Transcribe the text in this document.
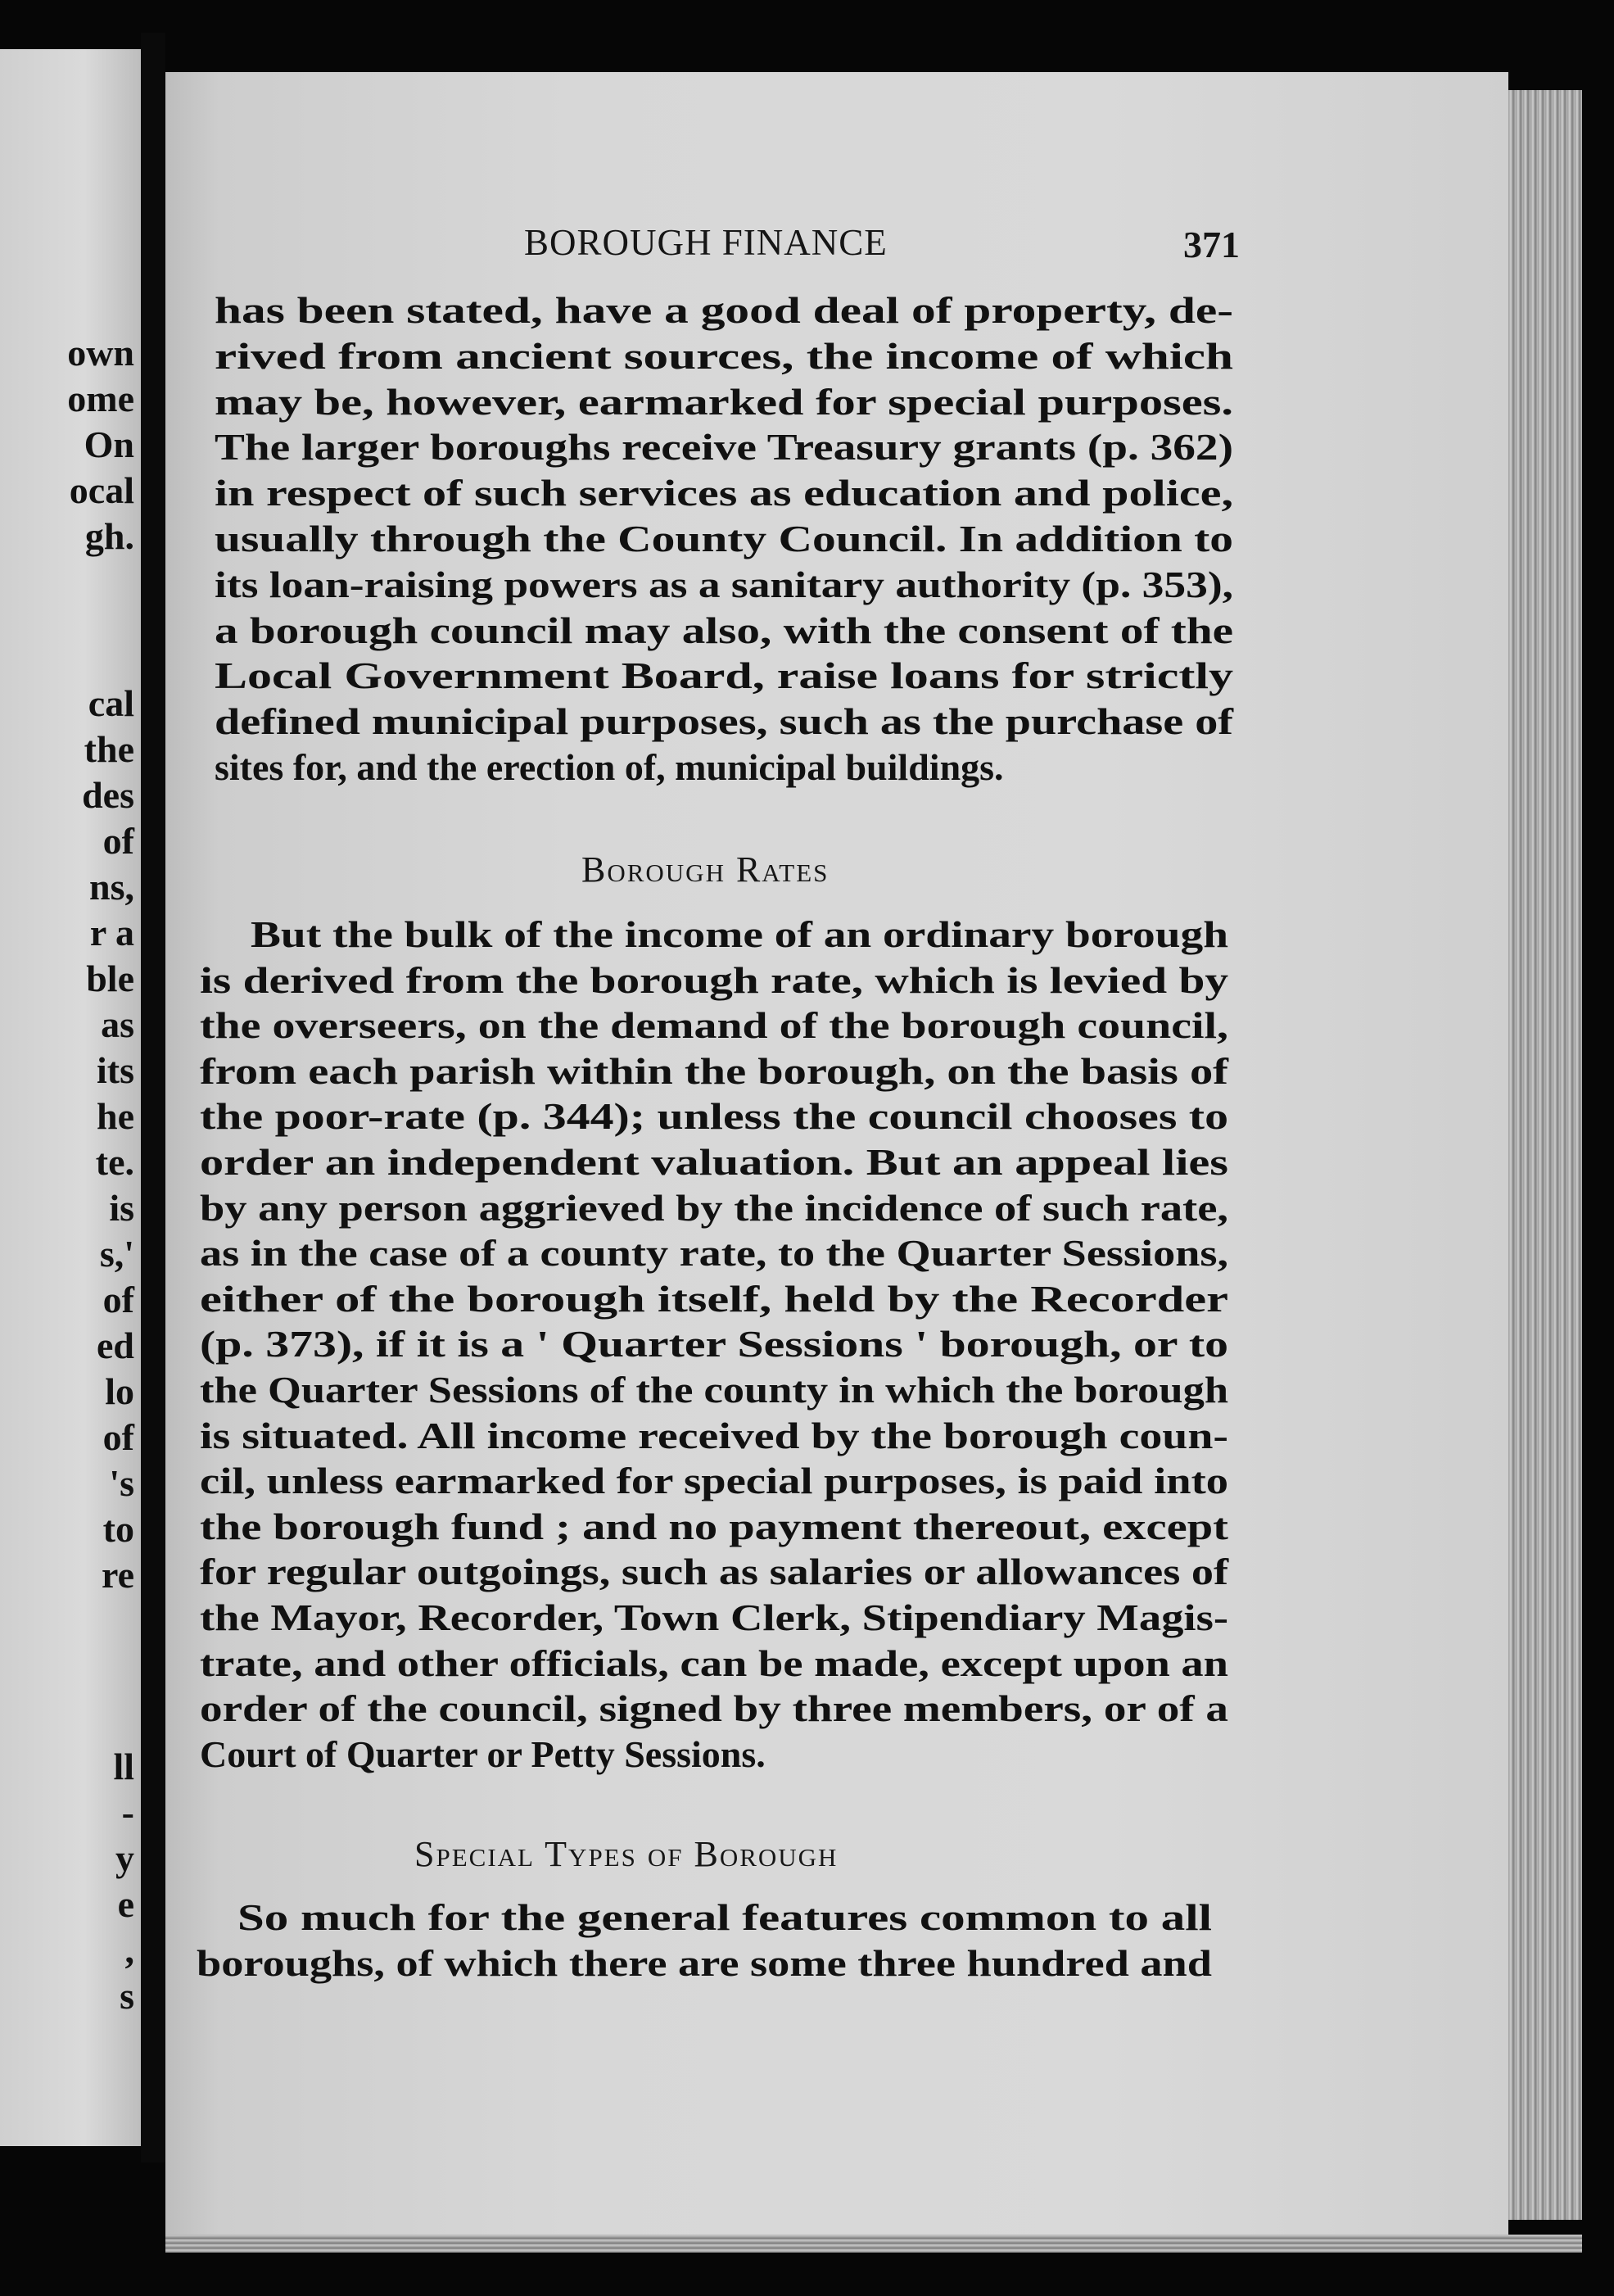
own
ome
On
ocal
gh.
cal
the
des
of
ns,
r a
ble
as
its
he
te.
is
s,'
of
ed
lo
of
's
to
re
ll
-
y
e
,
s
BOROUGH FINANCE	371
has been stated, have a good deal of property, de-
rived from ancient sources, the income of which
may be, however, earmarked for special purposes.
The larger boroughs receive Treasury grants (p. 362)
in respect of such services as education and police,
usually through the County Council. In addition to
its loan-raising powers as a sanitary authority (p. 353),
a borough council may also, with the consent of the
Local Government Board, raise loans for strictly
defined municipal purposes, such as the purchase of
sites for, and the erection of, municipal buildings.
Borough Rates
But the bulk of the income of an ordinary borough
is derived from the borough rate, which is levied by
the overseers, on the demand of the borough council,
from each parish within the borough, on the basis of
the poor-rate (p. 344); unless the council chooses to
order an independent valuation. But an appeal lies
by any person aggrieved by the incidence of such rate,
as in the case of a county rate, to the Quarter Sessions,
either of the borough itself, held by the Recorder
(p. 373), if it is a ' Quarter Sessions ' borough, or to
the Quarter Sessions of the county in which the borough
is situated. All income received by the borough coun-
cil, unless earmarked for special purposes, is paid into
the borough fund ; and no payment thereout, except
for regular outgoings, such as salaries or allowances of
the Mayor, Recorder, Town Clerk, Stipendiary Magis-
trate, and other officials, can be made, except upon an
order of the council, signed by three members, or of a
Court of Quarter or Petty Sessions.
Special Types of Borough
So much for the general features common to all
boroughs, of which there are some three hundred and
